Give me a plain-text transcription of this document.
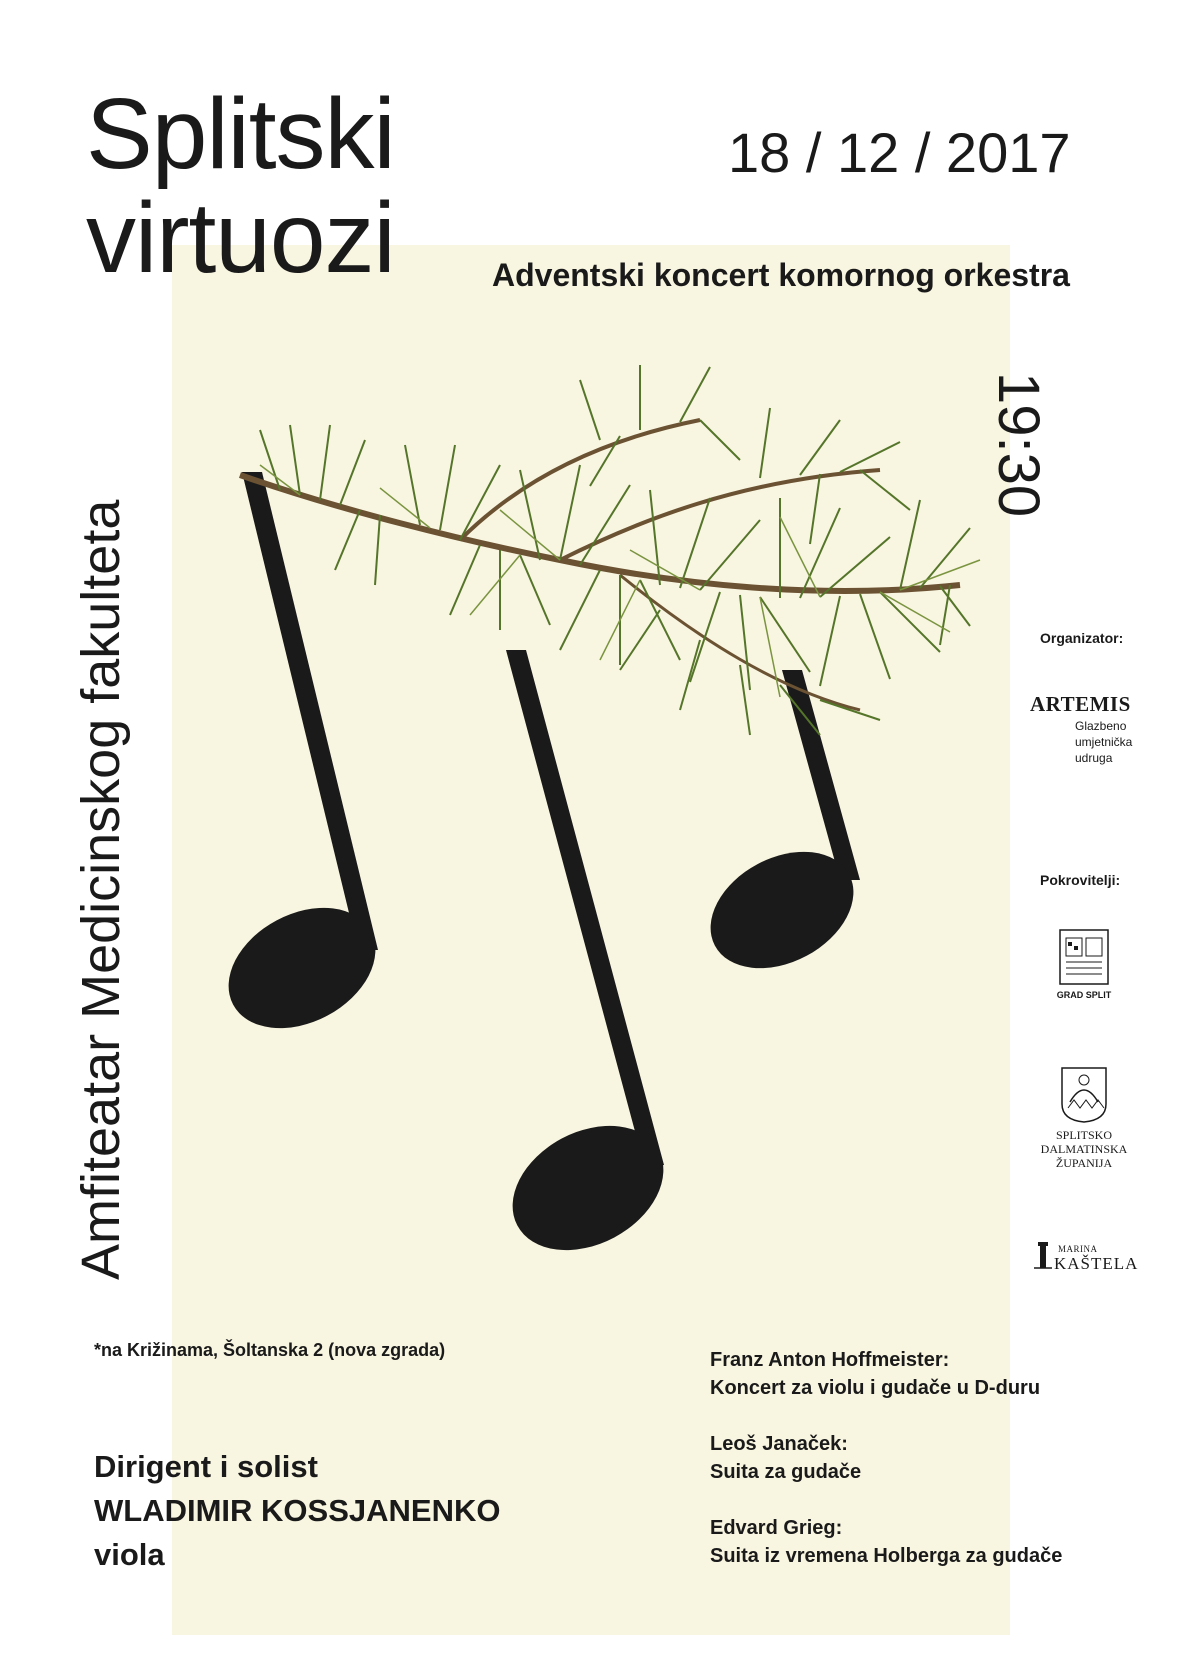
Splitski
virtuozi
18 / 12 / 2017
Adventski koncert komornog orkestra
19:30
Amfiteatar Medicinskog fakulteta	Organizator:
ARTEMIS
Glazbeno
umjetnička
udruga
Pokrovitelji:
GRAD SPLIT
SPLITSKO
DALMATINSKA
ŽUPANIJA
MARINA
KAŠTELA
*na Križinama, Šoltanska 2 (nova zgrada)
Dirigent i solist
WLADIMIR KOSSJANENKO
viola
Franz Anton Hoffmeister:
Koncert za violu i gudače u D-duru
Leoš Janaček:
Suita za gudače
Edvard Grieg:
Suita iz vremena Holberga za gudače
